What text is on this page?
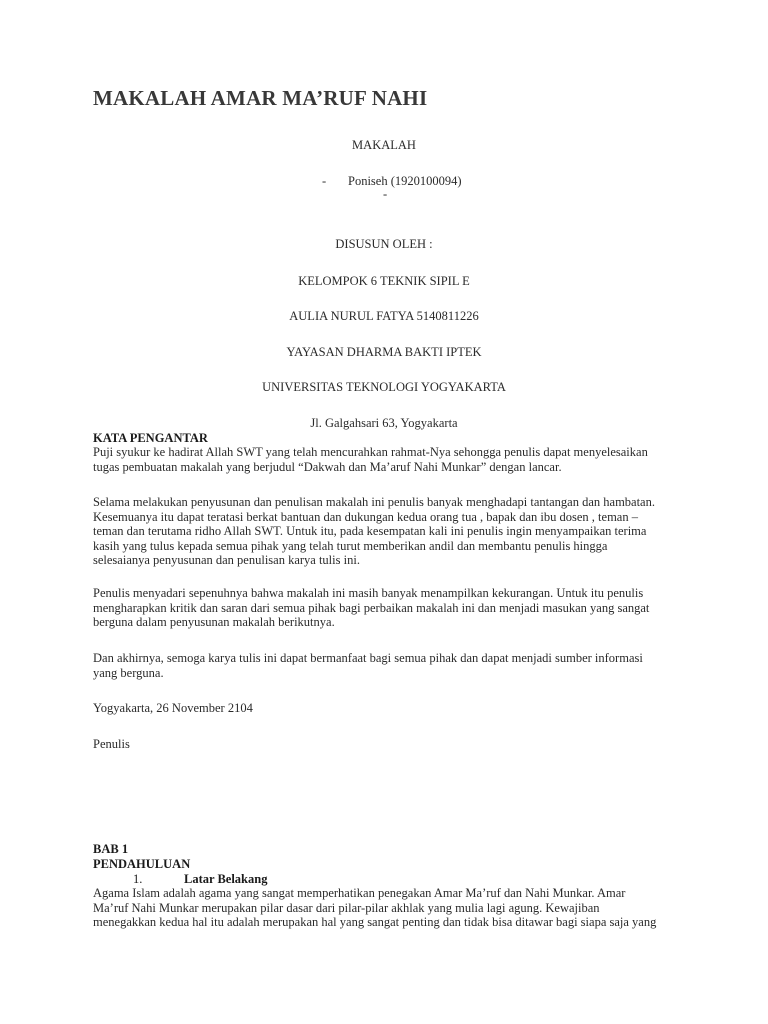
MAKALAH AMAR MA’RUF NAHI
MAKALAH
- Poniseh (1920100094)
-
DISUSUN OLEH :
KELOMPOK 6 TEKNIK SIPIL E
AULIA NURUL FATYA 5140811226
YAYASAN DHARMA BAKTI IPTEK
UNIVERSITAS TEKNOLOGI YOGYAKARTA
Jl. Galgahsari 63, Yogyakarta
KATA PENGANTAR

Puji syukur ke hadirat Allah SWT yang telah mencurahkan rahmat-Nya sehongga penulis dapat menyelesaikan
tugas pembuatan makalah yang berjudul “Dakwah dan Ma’aruf Nahi Munkar” dengan lancar.

Selama melakukan penyusunan dan penulisan makalah ini penulis banyak menghadapi tantangan dan hambatan.
Kesemuanya itu dapat teratasi berkat bantuan dan dukungan kedua orang tua , bapak dan ibu dosen , teman –
teman dan terutama ridho Allah SWT. Untuk itu, pada kesempatan kali ini penulis ingin menyampaikan terima
kasih yang tulus kepada semua pihak yang telah turut memberikan andil dan membantu penulis hingga
selesaianya penyusunan dan penulisan karya tulis ini.

Penulis menyadari sepenuhnya bahwa makalah ini masih banyak menampilkan kekurangan. Untuk itu penulis
mengharapkan kritik dan saran dari semua pihak bagi perbaikan makalah ini dan menjadi masukan yang sangat
berguna dalam penyusunan makalah berikutnya.

Dan akhirnya, semoga karya tulis ini dapat bermanfaat bagi semua pihak dan dapat menjadi sumber informasi
yang berguna.

Yogyakarta, 26 November 2104
Penulis
BAB 1
PENDAHULUAN
1.	Latar Belakang

Agama Islam adalah agama yang sangat memperhatikan penegakan Amar Ma’ruf dan Nahi Munkar. Amar
Ma’ruf Nahi Munkar merupakan pilar dasar dari pilar-pilar akhlak yang mulia lagi agung. Kewajiban
menegakkan kedua hal itu adalah merupakan hal yang sangat penting dan tidak bisa ditawar bagi siapa saja yang
